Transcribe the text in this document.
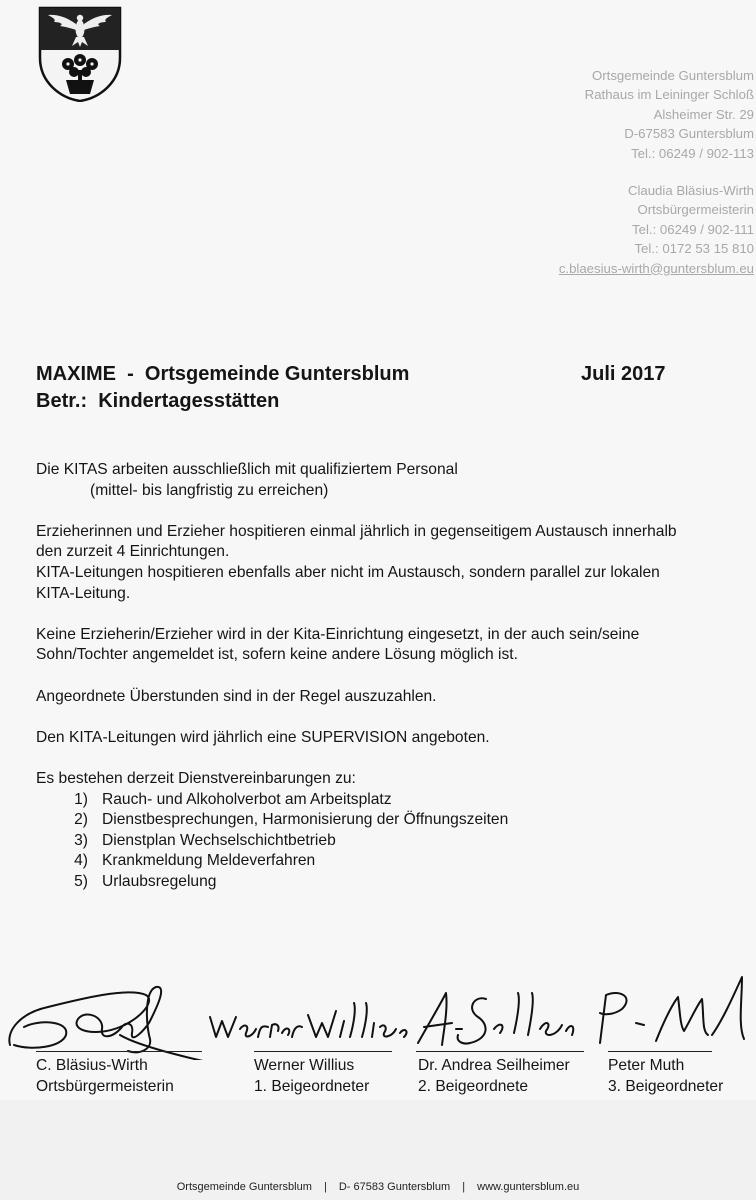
Ortsgemeinde Guntersblum
Rathaus im Leininger Schloß
Alsheimer Str. 29
D-67583 Guntersblum
Tel.: 06249 / 902-113
Claudia Bläsius-Wirth
Ortsbürgermeisterin
Tel.: 06249 / 902-111
Tel.: 0172 53 15 810
c.blaesius-wirth@guntersblum.eu
MAXIME  -  Ortsgemeinde Guntersblum	Juli 2017
Betr.:  Kindertagesstätten

Die KITAS arbeiten ausschließlich mit qualifiziertem Personal
(mittel- bis langfristig zu erreichen)

Erzieherinnen und Erzieher hospitieren einmal jährlich in gegenseitigem Austausch innerhalb
den zurzeit 4 Einrichtungen.
KITA-Leitungen hospitieren ebenfalls aber nicht im Austausch, sondern parallel zur lokalen
KITA-Leitung.

Keine Erzieherin/Erzieher wird in der Kita-Einrichtung eingesetzt, in der auch sein/seine
Sohn/Tochter angemeldet ist, sofern keine andere Lösung möglich ist.

Angeordnete Überstunden sind in der Regel auszuzahlen.

Den KITA-Leitungen wird jährlich eine SUPERVISION angeboten.

Es bestehen derzeit Dienstvereinbarungen zu:
1) Rauch- und Alkoholverbot am Arbeitsplatz
2) Dienstbesprechungen, Harmonisierung der Öffnungszeiten
3) Dienstplan Wechselschichtbetrieb
4) Krankmeldung Meldeverfahren
5) Urlaubsregelung
C. Bläsius-Wirth
Ortsbürgermeisterin
Werner Willius
1. Beigeordneter
Dr. Andrea Seilheimer
2. Beigeordnete
Peter Muth
3. Beigeordneter
Ortsgemeinde Guntersblum | D- 67583 Guntersblum | www.guntersblum.eu
